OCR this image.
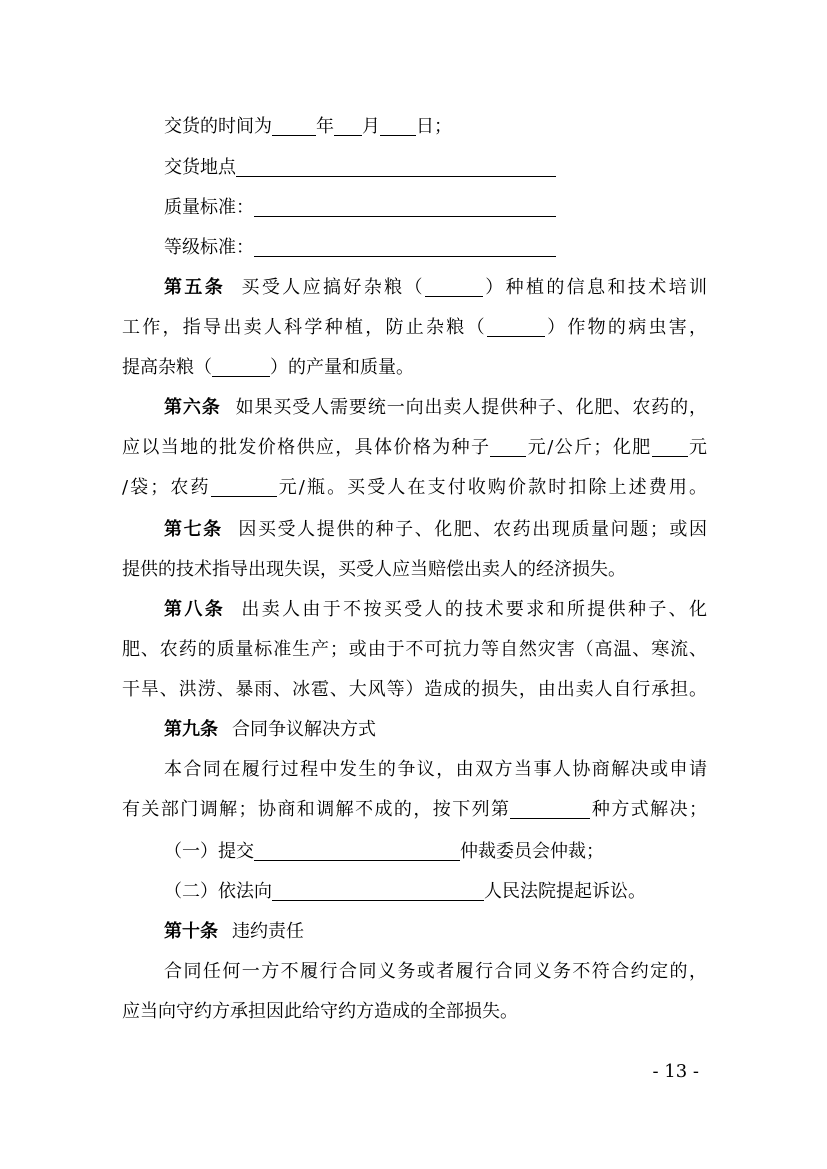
交货的时间为 年 月 日；
交货地点
质量标准：
等级标准：
第五条 买受人应搞好杂粮（	）种植的信息和技术培训
工作，指导出卖人科学种植，防止杂粮（	）作物的病虫害，
提高杂粮（	）的产量和质量。
第六条 如果买受人需要统一向出卖人提供种子、化肥、农药的，
应以当地的批发价格供应，具体价格为种子 元/公斤；化肥 元
/袋；农药	元/瓶。买受人在支付收购价款时扣除上述费用。
第七条 因买受人提供的种子、化肥、农药出现质量问题；或因
提供的技术指导出现失误，买受人应当赔偿出卖人的经济损失。
第八条 出卖人由于不按买受人的技术要求和所提供种子、化
肥、农药的质量标准生产；或由于不可抗力等自然灾害（高温、寒流、
干旱、洪涝、暴雨、冰雹、大风等）造成的损失，由出卖人自行承担。
第九条 合同争议解决方式
本合同在履行过程中发生的争议，由双方当事人协商解决或申请
有关部门调解；协商和调解不成的，按下列第	种方式解决；
（一）提交	仲裁委员会仲裁；
（二）依法向	人民法院提起诉讼。
第十条 违约责任
合同任何一方不履行合同义务或者履行合同义务不符合约定的，
应当向守约方承担因此给守约方造成的全部损失。
- 13 -
